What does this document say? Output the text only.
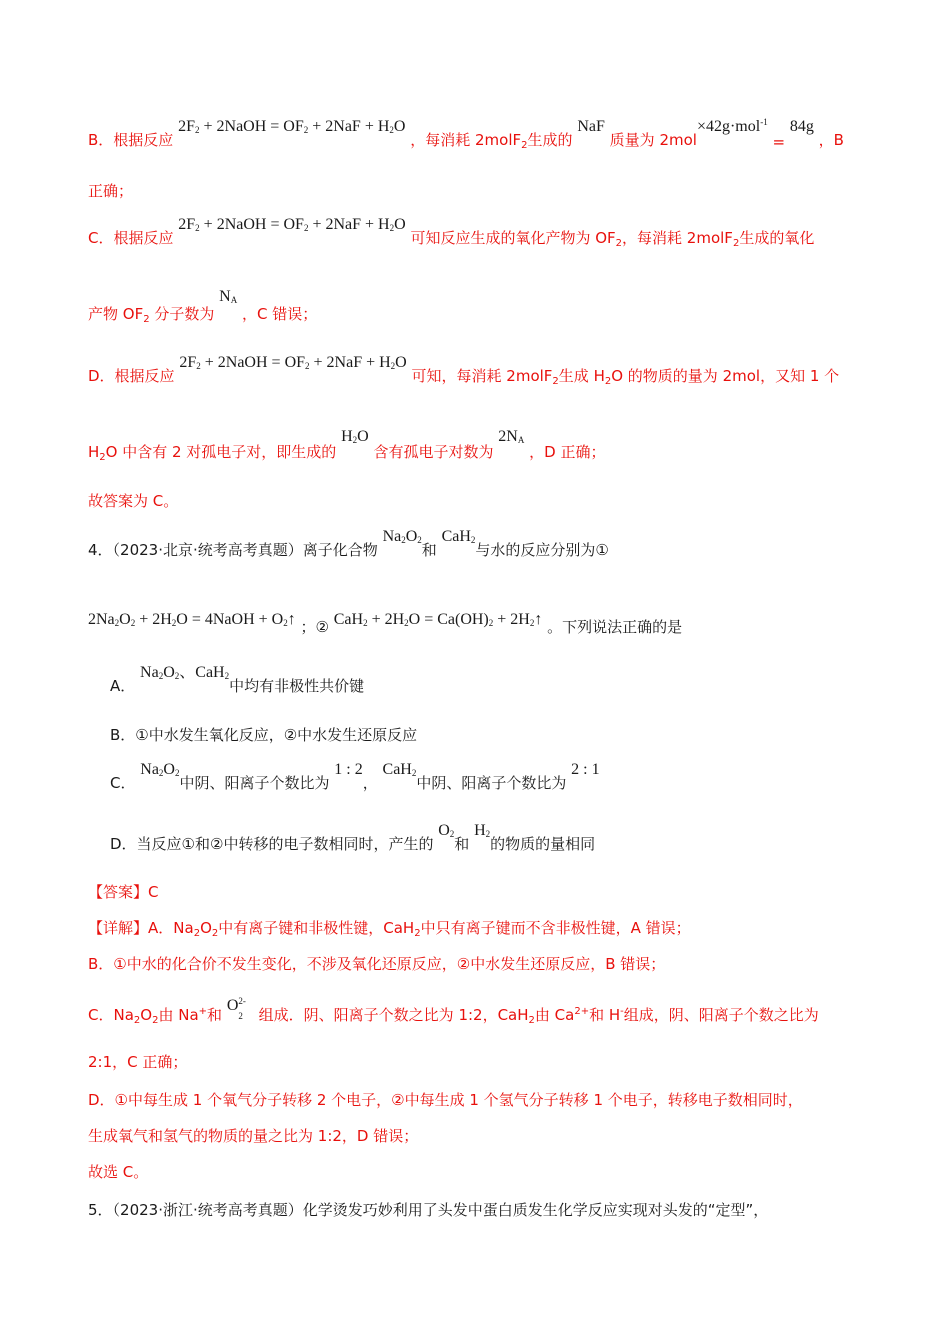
B．根据反应 $2F_2$ + 2NaOH = $OF_2 + 2NaF + H_2O$ ，每消耗 2molF$_2$生成的 NaF 质量为 2mol×42g·mol$^{-1}$ = 84g ，B
正确；
C．根据反应 $2F_2$ + 2NaOH = $OF_2 + 2NaF + H_2O$ 可知反应生成的氧化产物为 $OF_2$，每消耗 2molF$_2$生成的氧化
产物 $OF_2$ 分子数为 $N_A$ ，C 错误；
D．根据反应 $2F_2$ + 2NaOH = $OF_2 + 2NaF + H_2O$ 可知，每消耗 2molF$_2$生成 $H_2O$ 的物质的量为 2mol，又知 1 个
$H_2O$ 中含有 2 对孤电子对，即生成的 $H_2O$ 含有孤电子对数为 $2N_A$ ，D 正确；
故答案为 C。
4．（2023·北京·统考高考真题）离子化合物 $Na_2O_2$和 CaH$_2$与水的反应分别为①
$2Na_2O_2 + 2H_2O$ = 4NaOH + $O_2↑$ ；② $CaH_2 + 2H_2O = Ca(OH)_2$ + $2H_2↑$ 。下列说法正确的是
A． $Na_2O_2$、CaH$_2$中均有非极性共价键
B．①中水发生氧化反应，②中水发生还原反应
C． $Na_2O_2$中阴、阳离子个数比为 1 : 2， CaH$_2$中阴、阳离子个数比为 2 : 1
D．当反应①和②中转移的电子数相同时，产生的 $O_2$和 $H_2$的物质的量相同
【答案】C
【详解】A．$Na_2O_2$中有离子键和非极性键，CaH$_2$中只有离子键而不含非极性键，A 错误；
B．①中水的化合价不发生变化，不涉及氧化还原反应，②中水发生还原反应，B 错误；
C．$Na_2O_2$由 Na+和 $O^{2-}$
2 组成．阴、阳离子个数之比为 1:2，CaH$_2$由 $Ca^{2+}$和 H-组成，阴、阳离子个数之比为
2:1，C 正确；
D．①中每生成 1 个氧气分子转移 2 个电子，②中每生成 1 个氢气分子转移 1 个电子，转移电子数相同时，
生成氧气和氢气的物质的量之比为 1:2，D 错误；
故选 C。
5．（2023·浙江·统考高考真题）化学烫发巧妙利用了头发中蛋白质发生化学反应实现对头发的“定型”，
